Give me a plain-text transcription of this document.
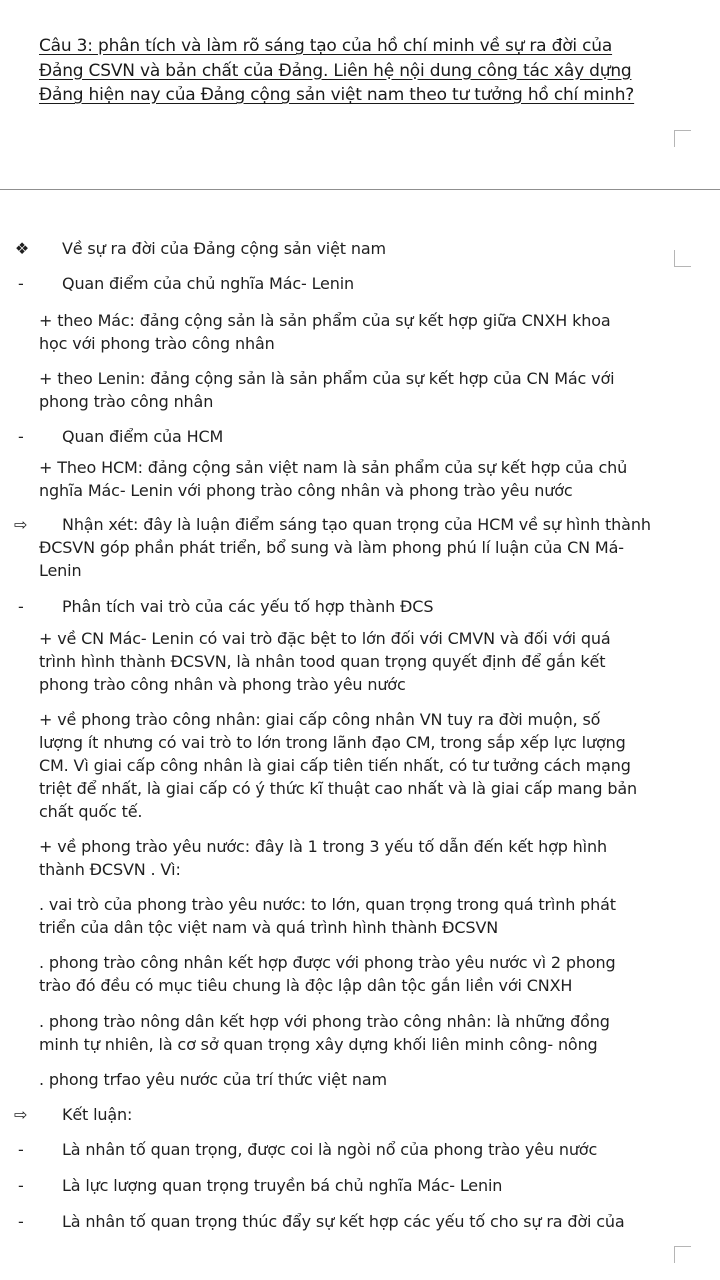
Câu 3: phân tích và làm rõ sáng tạo của hồ chí minh về sự ra đời của
Đảng CSVN và bản chất của Đảng. Liên hệ nội dung công tác xây dựng
Đảng hiện nay của Đảng cộng sản việt nam theo tư tưởng hồ chí minh?
❖
-
-
⇨
-
⇨
-
-
-
Về sự ra đời của Đảng cộng sản việt nam
Quan điểm của chủ nghĩa Mác- Lenin
+ theo Mác: đảng cộng sản là sản phẩm của sự kết hợp giữa CNXH khoa
học với phong trào công nhân
+ theo Lenin: đảng cộng sản là sản phẩm của sự kết hợp của CN Mác với
phong trào công nhân
Quan điểm của HCM
+ Theo HCM: đảng cộng sản việt nam là sản phẩm của sự kết hợp của chủ
nghĩa Mác- Lenin với phong trào công nhân và phong trào yêu nước
Nhận xét: đây là luận điểm sáng tạo quan trọng của HCM về sự hình thành
ĐCSVN góp phần phát triển, bổ sung và làm phong phú lí luận của CN Má-
Lenin
Phân tích vai trò của các yếu tố hợp thành ĐCS
+ về CN Mác- Lenin có vai trò đặc bệt to lớn đối với CMVN và đối với quá
trình hình thành ĐCSVN, là nhân tood quan trọng quyết định để gắn kết
phong trào công nhân và phong trào yêu nước
+ về phong trào công nhân: giai cấp công nhân VN tuy ra đời muộn, số
lượng ít nhưng có vai trò to lớn trong lãnh đạo CM, trong sắp xếp lực lượng
CM. Vì giai cấp công nhân là giai cấp tiên tiến nhất, có tư tưởng cách mạng
triệt để nhất, là giai cấp có ý thức kĩ thuật cao nhất và là giai cấp mang bản
chất quốc tế.
+ về phong trào yêu nước: đây là 1 trong 3 yếu tố dẫn đến kết hợp hình
thành ĐCSVN . Vì:
. vai trò của phong trào yêu nước: to lớn, quan trọng trong quá trình phát
triển của dân tộc việt nam và quá trình hình thành ĐCSVN
. phong trào công nhân kết hợp được với phong trào yêu nước vì 2 phong
trào đó đều có mục tiêu chung là độc lập dân tộc gắn liền với CNXH
. phong trào nông dân kết hợp với phong trào công nhân: là những đồng
minh tự nhiên, là cơ sở quan trọng xây dựng khối liên minh công- nông
. phong trfao yêu nước của trí thức việt nam
Kết luận:
Là nhân tố quan trọng, được coi là ngòi nổ của phong trào yêu nước
Là lực lượng quan trọng truyền bá chủ nghĩa Mác- Lenin
Là nhân tố quan trọng thúc đẩy sự kết hợp các yếu tố cho sự ra đời của
